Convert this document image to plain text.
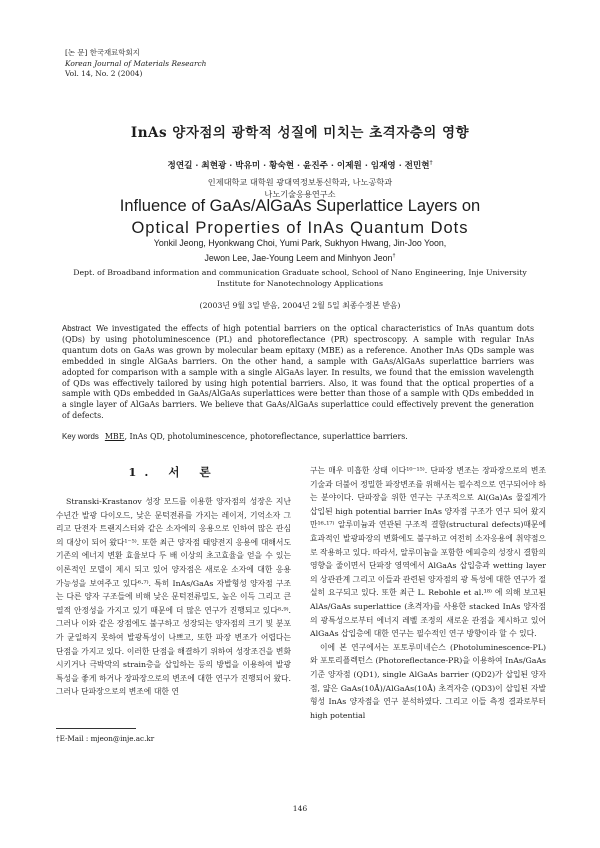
[논 문] 한국재료학회지
Korean Journal of Materials Research
Vol. 14, No. 2 (2004)
InAs 양자점의 광학적 성질에 미치는 초격자층의 영향
정연길 · 최현광 · 박유미 · 황숙현 · 윤진주 · 이제원 · 임재영 · 전민현†
인제대학교 대학원 광대역정보통신학과, 나노공학과
나노기술응용연구소
Influence of GaAs/AlGaAs Superlattice Layers on
Optical Properties of InAs Quantum Dots
Yonkil Jeong, Hyonkwang Choi, Yumi Park, Sukhyon Hwang, Jin-Joo Yoon,
Jewon Lee, Jae-Young Leem and Minhyon Jeon†
Dept. of Broadband information and communication Graduate school, School of Nano Engineering, Inje University Institute for Nanotechnology Applications
(2003년 9월 3일 받음, 2004년 2월 5일 최종수정본 받음)
Abstract We investigated the effects of high potential barriers on the optical characteristics of InAs quantum dots (QDs) by using photoluminescence (PL) and photoreflectance (PR) spectroscopy. A sample with regular InAs quantum dots on GaAs was grown by molecular beam epitaxy (MBE) as a reference. Another InAs QDs sample was embedded in single AlGaAs barriers. On the other hand, a sample with GaAs/AlGaAs superlattice barriers was adopted for comparison with a sample with a single AlGaAs layer. In results, we found that the emission wavelength of QDs was effectively tailored by using high potential barriers. Also, it was found that the optical properties of a sample with QDs embedded in GaAs/AlGaAs superlattices were better than those of a sample with QDs embedded in a single layer of AlGaAs barriers. We believe that GaAs/AlGaAs superlattice could effectively prevent the generation of defects.
Key words MBE, InAs QD, photoluminescence, photoreflectance, superlattice barriers.
1. 서 론
Stranski-Krastanov 성장 모드를 이용한 양자점의 성장은 지난 수년간 발광 다이오드, 낮은 문턱전류를 가지는 레이저, 기억소자 그리고 단전자 트랜지스터와 같은 소자에의 응용으로 인하여 많은 관심의 대상이 되어 왔다¹⁻⁵⁾. 또한 최근 양자점 태양전지 응용에 대해서도 기존의 에너지 변환 효율보다 두 배 이상의 초고효율을 얻을 수 있는 이론적인 모델이 제시 되고 있어 양자점은 새로운 소자에 대한 응용 가능성을 보여주고 있다⁶·⁷⁾. 특히 InAs/GaAs 자발형성 양자점 구조는 다른 양자 구조들에 비해 낮은 문턱전류밀도, 높은 이득 그리고 큰 열적 안정성을 가지고 있기 때문에 더 많은 연구가 진행되고 있다⁸·⁹⁾. 그러나 이와 같은 장점에도 불구하고 성장되는 양자점의 크기 및 분포가 균일하지 못하여 발광특성이 나쁘고, 또한 파장 변조가 어렵다는 단점을 가지고 있다. 이러한 단점을 해결하기 위하여 성장조건을 변화 시키거나 극박막의 strain층을 삽입하는 등의 방법을 이용하여 발광특성을 좋게 하거나 장파장으로의 변조에 대한 연구가 진행되어 왔다. 그러나 단파장으로의 변조에 대한 연
구는 매우 미흡한 상태 이다¹⁰⁻¹⁵⁾. 단파장 변조는 장파장으로의 변조기술과 더불어 정밀한 파장변조를 위해서는 필수적으로 연구되어야 하는 분야이다. 단파장을 위한 연구는 구조적으로 Al(Ga)As 물질계가 삽입된 high potential barrier InAs 양자점 구조가 연구 되어 왔지만¹⁶·¹⁷⁾ 알루미늄과 연관된 구조적 결함(structural defects)때문에 효과적인 발광파장의 변화에도 불구하고 여전히 소자응용에 취약점으로 작용하고 있다. 따라서, 알루미늄을 포함한 에피층의 성장시 결함의 영향을 줄이면서 단파장 영역에서 AlGaAs 삽입층과 wetting layer의 상관관계 그리고 이들과 관련된 양자점의 광 특성에 대한 연구가 절실히 요구되고 있다. 또한 최근 L. Rebohle et al.¹⁸⁾ 에 의해 보고된 AlAs/GaAs superlattice (초격자)를 사용한 stacked InAs 양자점의 광특성으로부터 에너지 레벨 조정의 새로운 관점을 제시하고 있어 AlGaAs 삽입층에 대한 연구는 필수적인 연구 방향이라 할 수 있다.
이에 본 연구에서는 포토루미네슨스 (Photoluminescence-PL)와 포토리플렉턴스 (Photoreflectance-PR)을 이용하여 InAs/GaAs 기준 양자점 (QD1), single AlGaAs barrier (QD2)가 삽입된 양자점, 얇은 GaAs(10Å)/AlGaAs(10Å) 초격자층 (QD3)이 삽입된 자발 형성 InAs 양자점을 연구 분석하였다. 그리고 이들 측정 결과로부터 high potential
†E-Mail : mjeon@inje.ac.kr
146
